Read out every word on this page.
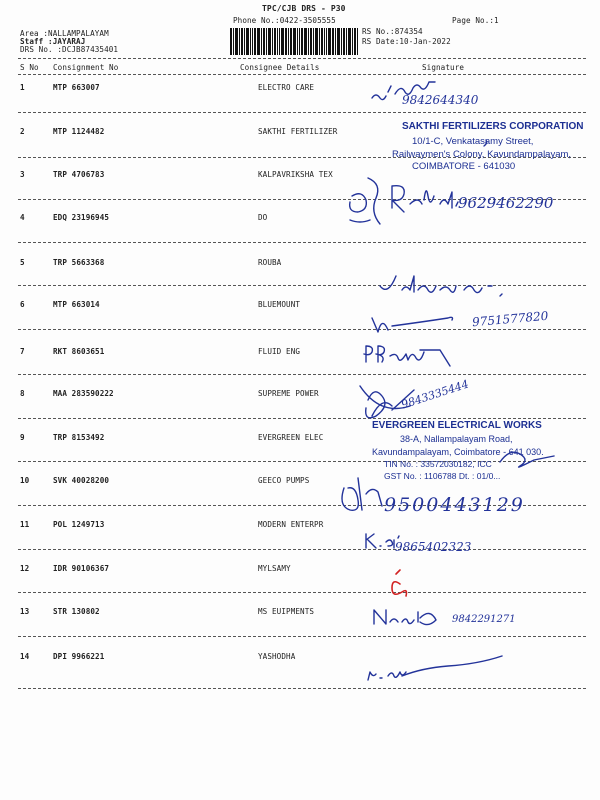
TPC/CJB DRS - P30
Phone No.:0422-3505555	Page No.:1
Area :NALLAMPALAYAM
Staff :JAYARAJ
DRS No. :DCJB87435401
RS No.:874354
RS Date:10-Jan-2022
S No Consignment No	Consignee Details	Signature
1	MTP 663007	ELECTRO CARE
2	MTP 1124482	SAKTHI FERTILIZER
3	TRP 4706783	KALPAVRIKSHA TEX
4	EDQ 23196945	DO
5	TRP 5663368	ROUBA
6	MTP 663014	BLUEMOUNT
7	RKT 8603651	FLUID ENG
8	MAA 283590222	SUPREME POWER
9	TRP 8153492	EVERGREEN ELEC
10	SVK 40028200	GEECO PUMPS
11	POL 1249713	MODERN ENTERPR
12	IDR 90106367	MYLSAMY
13	STR 130802	MS EUIPMENTS
14	DPI 9966221	YASHODHA
SAKTHI FERTILIZERS CORPORATION
10/1-C, Venkatasamy Street,
Railwaymen's Colony, Kavundampalayam,
COIMBATORE - 641030
EVERGREEN ELECTRICAL WORKS
38-A, Nallampalayam Road,
Kavundampalayam, Coimbatore - 641 030.
TIN No. : 33572030182, ICC
GST No. : 1106788 Dt. : 01/0...
9842644340
9629462290
9751577820
9843335444
9500443129
9865402323
9842291271
